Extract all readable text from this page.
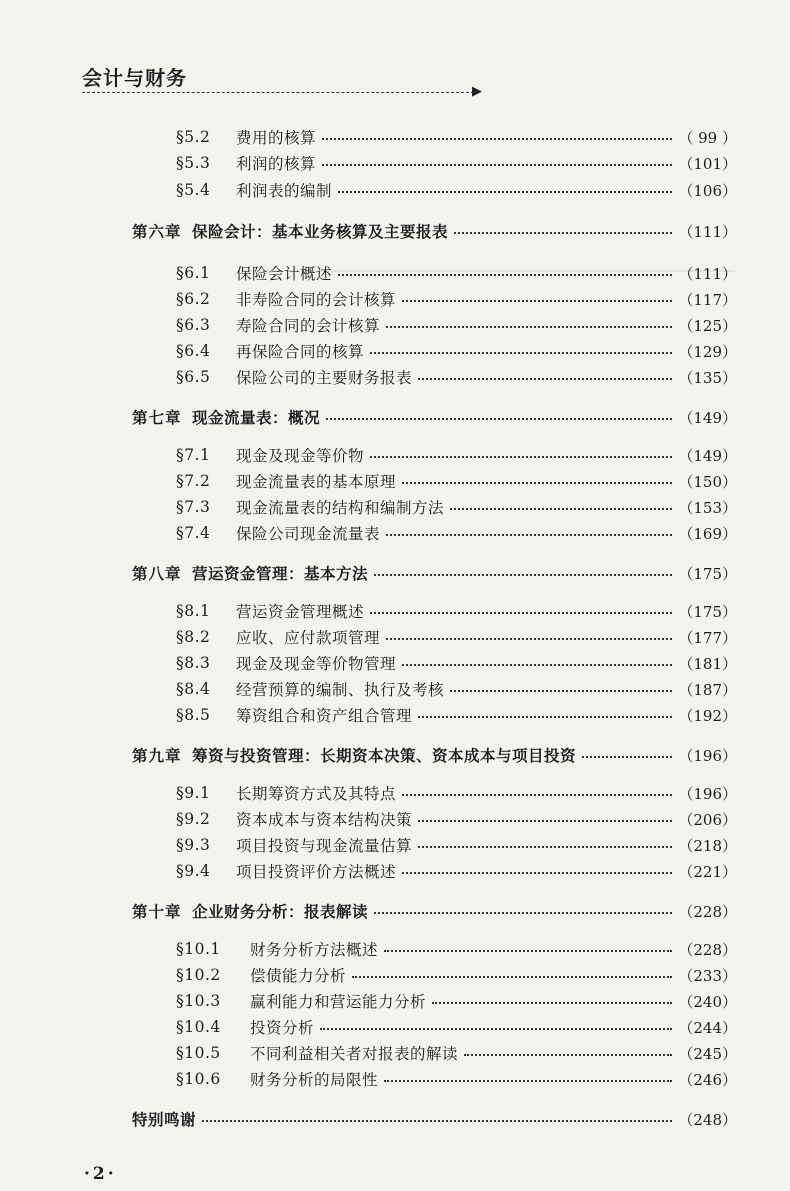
会计与财务
▶
§5.2	费用的核算	（ 99 ）
§5.3	利润的核算	（101）
§5.4	利润表的编制	（106）
第六章 保险会计：基本业务核算及主要报表	（111）
§6.1	保险会计概述	（111）
§6.2	非寿险合同的会计核算	（117）
§6.3	寿险合同的会计核算	（125）
§6.4	再保险合同的核算	（129）
§6.5	保险公司的主要财务报表	（135）
第七章 现金流量表：概况	（149）
§7.1	现金及现金等价物	（149）
§7.2	现金流量表的基本原理	（150）
§7.3	现金流量表的结构和编制方法	（153）
§7.4	保险公司现金流量表	（169）
第八章 营运资金管理：基本方法	（175）
§8.1	营运资金管理概述	（175）
§8.2	应收、应付款项管理	（177）
§8.3	现金及现金等价物管理	（181）
§8.4	经营预算的编制、执行及考核	（187）
§8.5	筹资组合和资产组合管理	（192）
第九章 筹资与投资管理：长期资本决策、资本成本与项目投资	（196）
§9.1	长期筹资方式及其特点	（196）
§9.2	资本成本与资本结构决策	（206）
§9.3	项目投资与现金流量估算	（218）
§9.4	项目投资评价方法概述	（221）
第十章 企业财务分析：报表解读	（228）
§10.1	财务分析方法概述	（228）
§10.2	偿债能力分析	（233）
§10.3	赢利能力和营运能力分析	（240）
§10.4	投资分析	（244）
§10.5	不同利益相关者对报表的解读	（245）
§10.6	财务分析的局限性	（246）
特别鸣谢	（248）
·2·
